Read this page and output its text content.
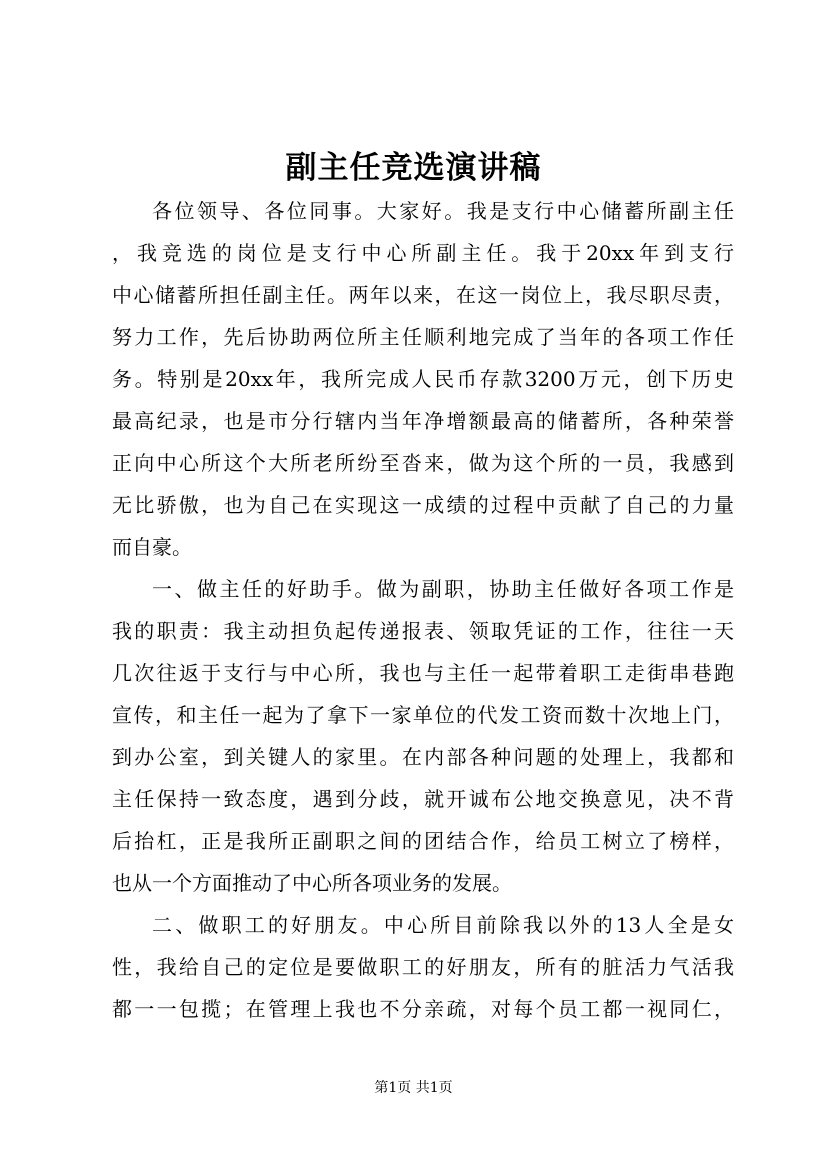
副主任竞选演讲稿
各位领导、各位同事。大家好。我是支行中心储蓄所副主任
，我竞选的岗位是支行中心所副主任。我于20xx年到支行
中心储蓄所担任副主任。两年以来，在这一岗位上，我尽职尽责，
努力工作，先后协助两位所主任顺利地完成了当年的各项工作任
务。特别是20xx年，我所完成人民币存款3200万元，创下历史
最高纪录，也是市分行辖内当年净增额最高的储蓄所，各种荣誉
正向中心所这个大所老所纷至沓来，做为这个所的一员，我感到
无比骄傲，也为自己在实现这一成绩的过程中贡献了自己的力量
而自豪。
一、做主任的好助手。做为副职，协助主任做好各项工作是
我的职责：我主动担负起传递报表、领取凭证的工作，往往一天
几次往返于支行与中心所，我也与主任一起带着职工走街串巷跑
宣传，和主任一起为了拿下一家单位的代发工资而数十次地上门，
到办公室，到关键人的家里。在内部各种问题的处理上，我都和
主任保持一致态度，遇到分歧，就开诚布公地交换意见，决不背
后抬杠，正是我所正副职之间的团结合作，给员工树立了榜样，
也从一个方面推动了中心所各项业务的发展。
二、做职工的好朋友。中心所目前除我以外的13人全是女
性，我给自己的定位是要做职工的好朋友，所有的脏活力气活我
都一一包揽；在管理上我也不分亲疏，对每个员工都一视同仁，
第1页 共1页
